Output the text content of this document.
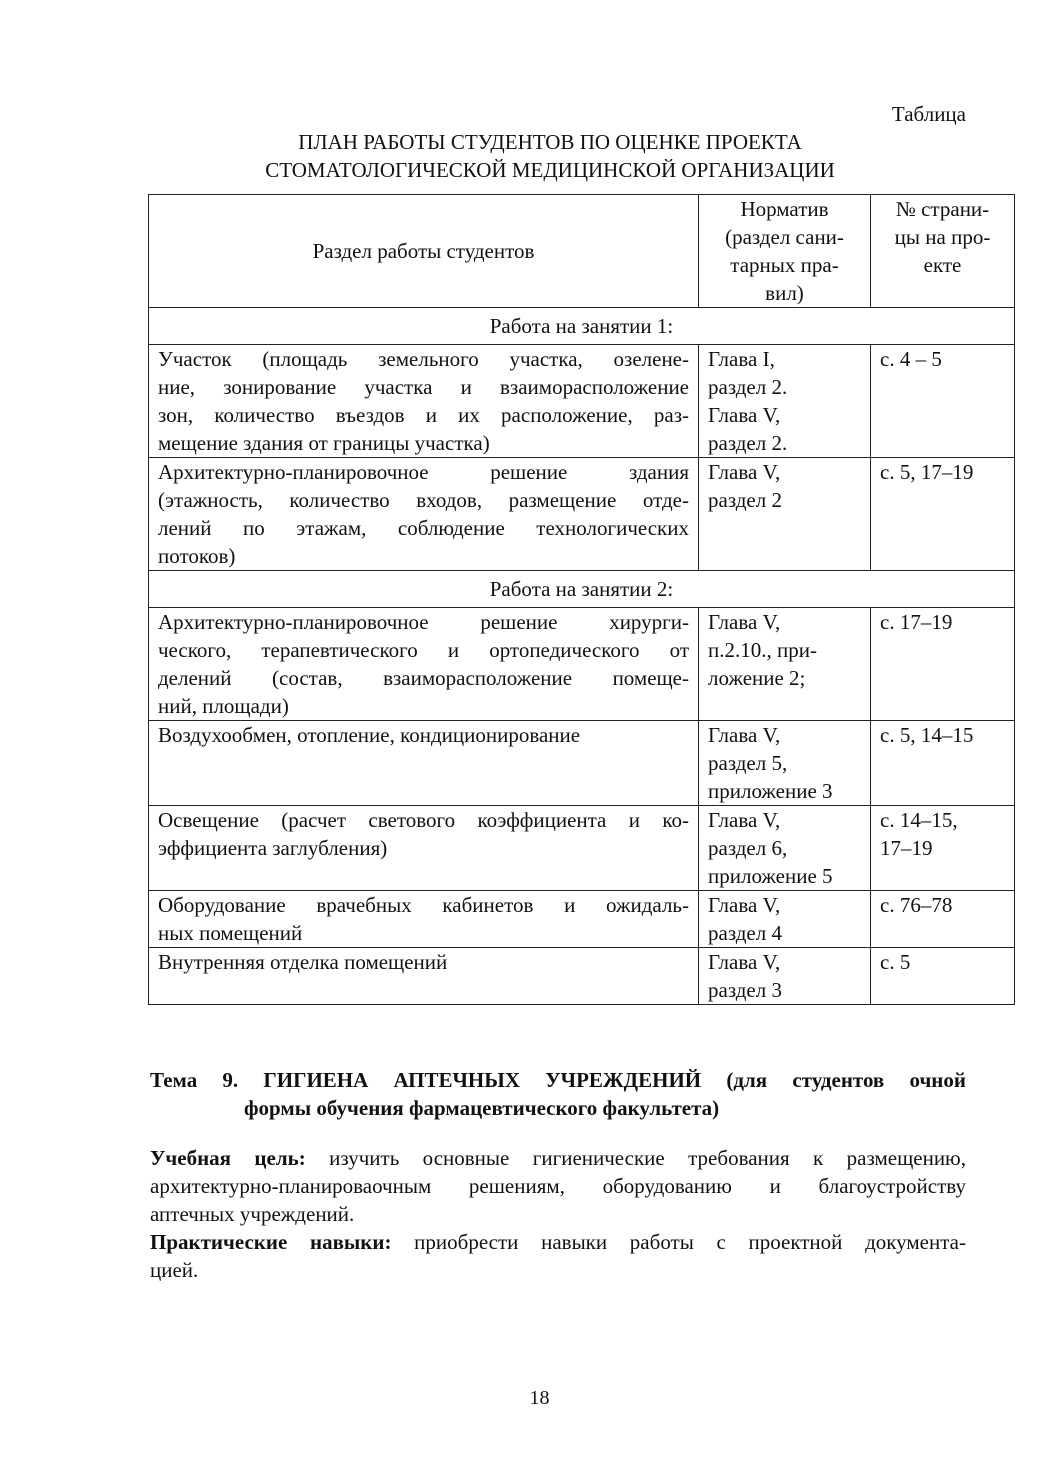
Таблица
ПЛАН РАБОТЫ СТУДЕНТОВ ПО ОЦЕНКЕ ПРОЕКТА
СТОМАТОЛОГИЧЕСКОЙ МЕДИЦИНСКОЙ ОРГАНИЗАЦИИ
Раздел работы студентов	Норматив
(раздел сани-
тарных пра-
вил)	№ страни-
цы на про-
екте

Работа на занятии 1:		

Участок (площадь земельного участка, озелене-
ние, зонирование участка и взаиморасположение
зон, количество въездов и их расположение, раз-
мещение здания от границы участка)	Глава I,
раздел 2.
Глава V,
раздел 2.	с. 4 – 5

Архитектурно-планировочное решение здания
(этажность, количество входов, размещение отде-
лений по этажам, соблюдение технологических
потоков)	Глава V,
раздел 2	с. 5, 17–19

Работа на занятии 2:		

Архитектурно-планировочное решение хирурги-
ческого, терапевтического и ортопедического от
делений (состав, взаиморасположение помеще-
ний, площади)	Глава V,
п.2.10., при-
ложение 2;	с. 17–19

Воздухообмен, отопление, кондиционирование	Глава V,
раздел 5,
приложение 3	с. 5, 14–15

Освещение (расчет светового коэффициента и ко-
эффициента заглубления)	Глава V,
раздел 6,
приложение 5	с. 14–15,
17–19

Оборудование врачебных кабинетов и ожидаль-
ных помещений	Глава V,
раздел 4	с. 76–78

Внутренняя отделка помещений	Глава V,
раздел 3	с. 5
Тема 9. ГИГИЕНА АПТЕЧНЫХ УЧРЕЖДЕНИЙ (для студентов очной
формы обучения фармацевтического факультета)
Учебная цель: изучить основные гигиенические требования к размещению,
архитектурно-планироваочным решениям, оборудованию и благоустройству
аптечных учреждений.
Практические навыки: приобрести навыки работы с проектной документа-
цией.
18
